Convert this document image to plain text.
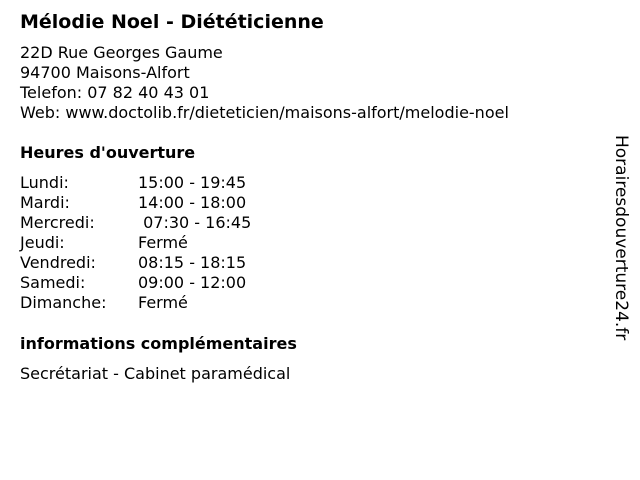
Mélodie Noel - Diététicienne
22D Rue Georges Gaume
94700 Maisons-Alfort
Telefon: 07 82 40 43 01
Web: www.doctolib.fr/dieteticien/maisons-alfort/melodie-noel
Heures d'ouverture
Lundi:	15:00 - 19:45
Mardi:	14:00 - 18:00
Mercredi:	07:30 - 16:45
Jeudi:	Fermé
Vendredi:	08:15 - 18:15
Samedi:	09:00 - 12:00
Dimanche:	Fermé
informations complémentaires
Secrétariat - Cabinet paramédical
Horairesdouverture24.fr
